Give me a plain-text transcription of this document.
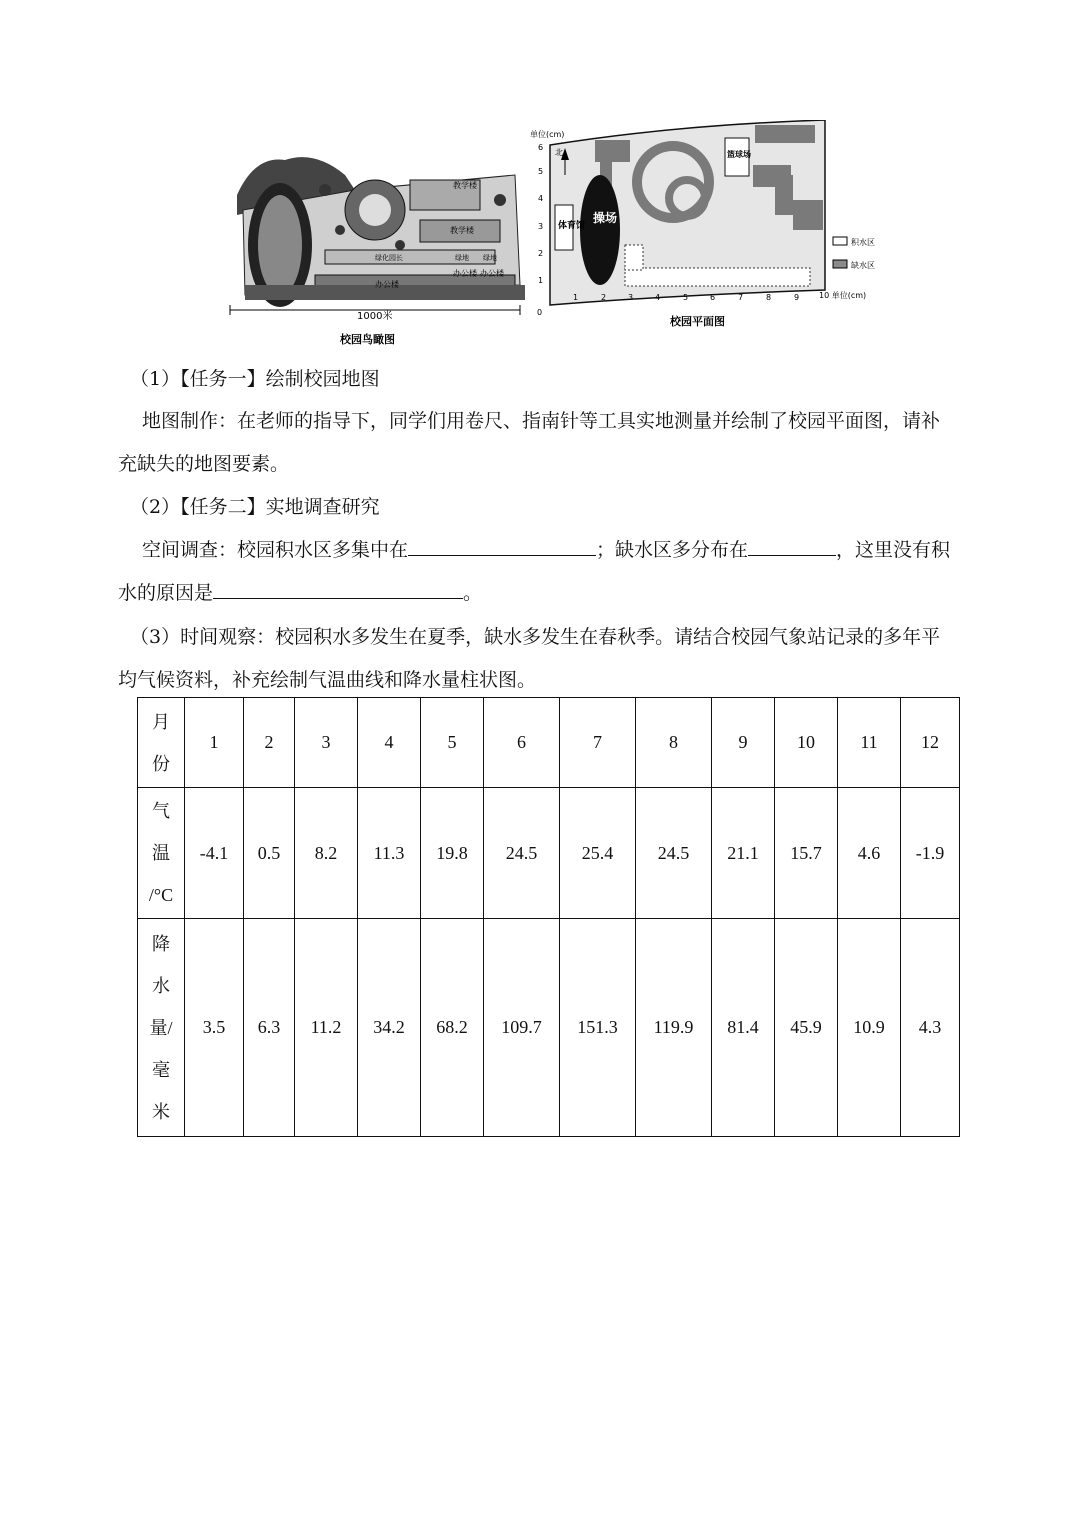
教学楼
教学楼
绿化园长	绿地 绿地
办公楼 办公楼
办公楼
1000米
校园鸟瞰图
单位(cm)
6
5
4
3
2
1
操场
体育馆
篮球场
北
积水区
缺水区
0
1	2	3	4	5	6	7	8	9 10 单位(cm)
校园平面图
（1）【任务一】绘制校园地图
地图制作：在老师的指导下，同学们用卷尺、指南针等工具实地测量并绘制了校园平面图，请补
充缺失的地图要素。
（2）【任务二】实地调查研究
空间调查：校园积水区多集中在	；缺水区多分布在	，这里没有积
水的原因是	。
（3）时间观察：校园积水多发生在夏季，缺水多发生在春秋季。请结合校园气象站记录的多年平
均气候资料，补充绘制气温曲线和降水量柱状图。
月
份	1	2	3	4	5	6	7	8	9	10	11	12

气
温
/°C	-4.1	0.5	8.2	11.3	19.8	24.5	25.4	24.5	21.1	15.7	4.6	-1.9

降
水
量/
毫
米	3.5	6.3	11.2	34.2	68.2	109.7	151.3	119.9	81.4	45.9	10.9	4.3
